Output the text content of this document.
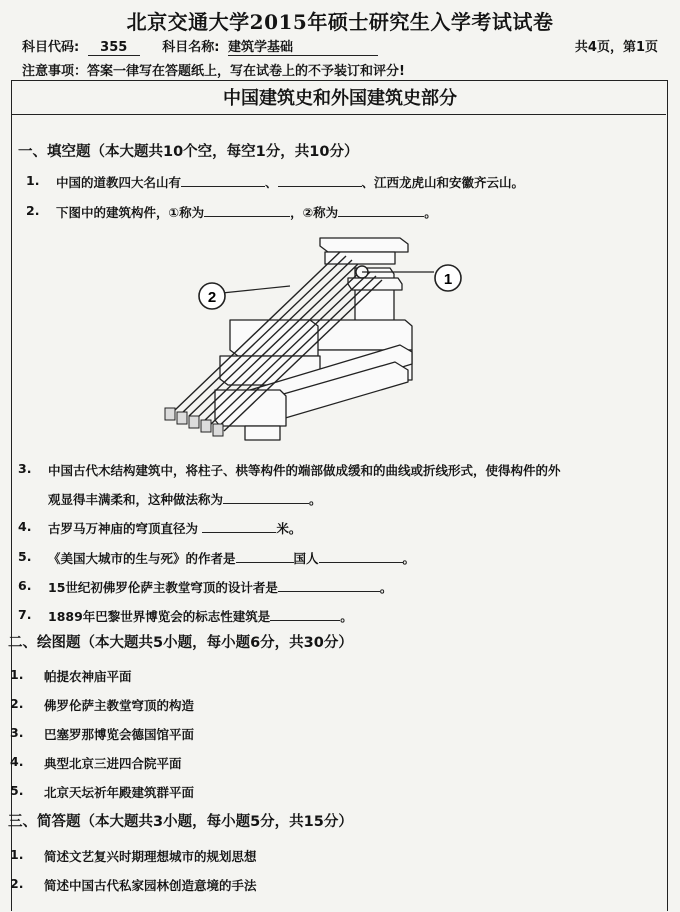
北京交通大学2015年硕士研究生入学考试试卷
科目代码: 355	科目名称: 建筑学基础	共4页，第1页
注意事项：答案一律写在答题纸上，写在试卷上的不予装订和评分!
中国建筑史和外国建筑史部分
一、填空题（本大题共10个空，每空1分，共10分）
1. 中国的道教四大名山有	、	、江西龙虎山和安徽齐云山。
2. 下图中的建筑构件，①称为	，②称为	。
1
2
3. 中国古代木结构建筑中，将柱子、栱等构件的端部做成缓和的曲线或折线形式，使得构件的外
观显得丰满柔和，这种做法称为	。
4. 古罗马万神庙的穹顶直径为	米。
5. 《美国大城市的生与死》的作者是	国人	。
6. 15世纪初佛罗伦萨主教堂穹顶的设计者是	。
7. 1889年巴黎世界博览会的标志性建筑是	。
二、绘图题（本大题共5小题，每小题6分，共30分）
1. 帕提农神庙平面
2. 佛罗伦萨主教堂穹顶的构造
3. 巴塞罗那博览会德国馆平面
4. 典型北京三进四合院平面
5. 北京天坛祈年殿建筑群平面
三、简答题（本大题共3小题，每小题5分，共15分）
1. 简述文艺复兴时期理想城市的规划思想
2. 简述中国古代私家园林创造意境的手法
